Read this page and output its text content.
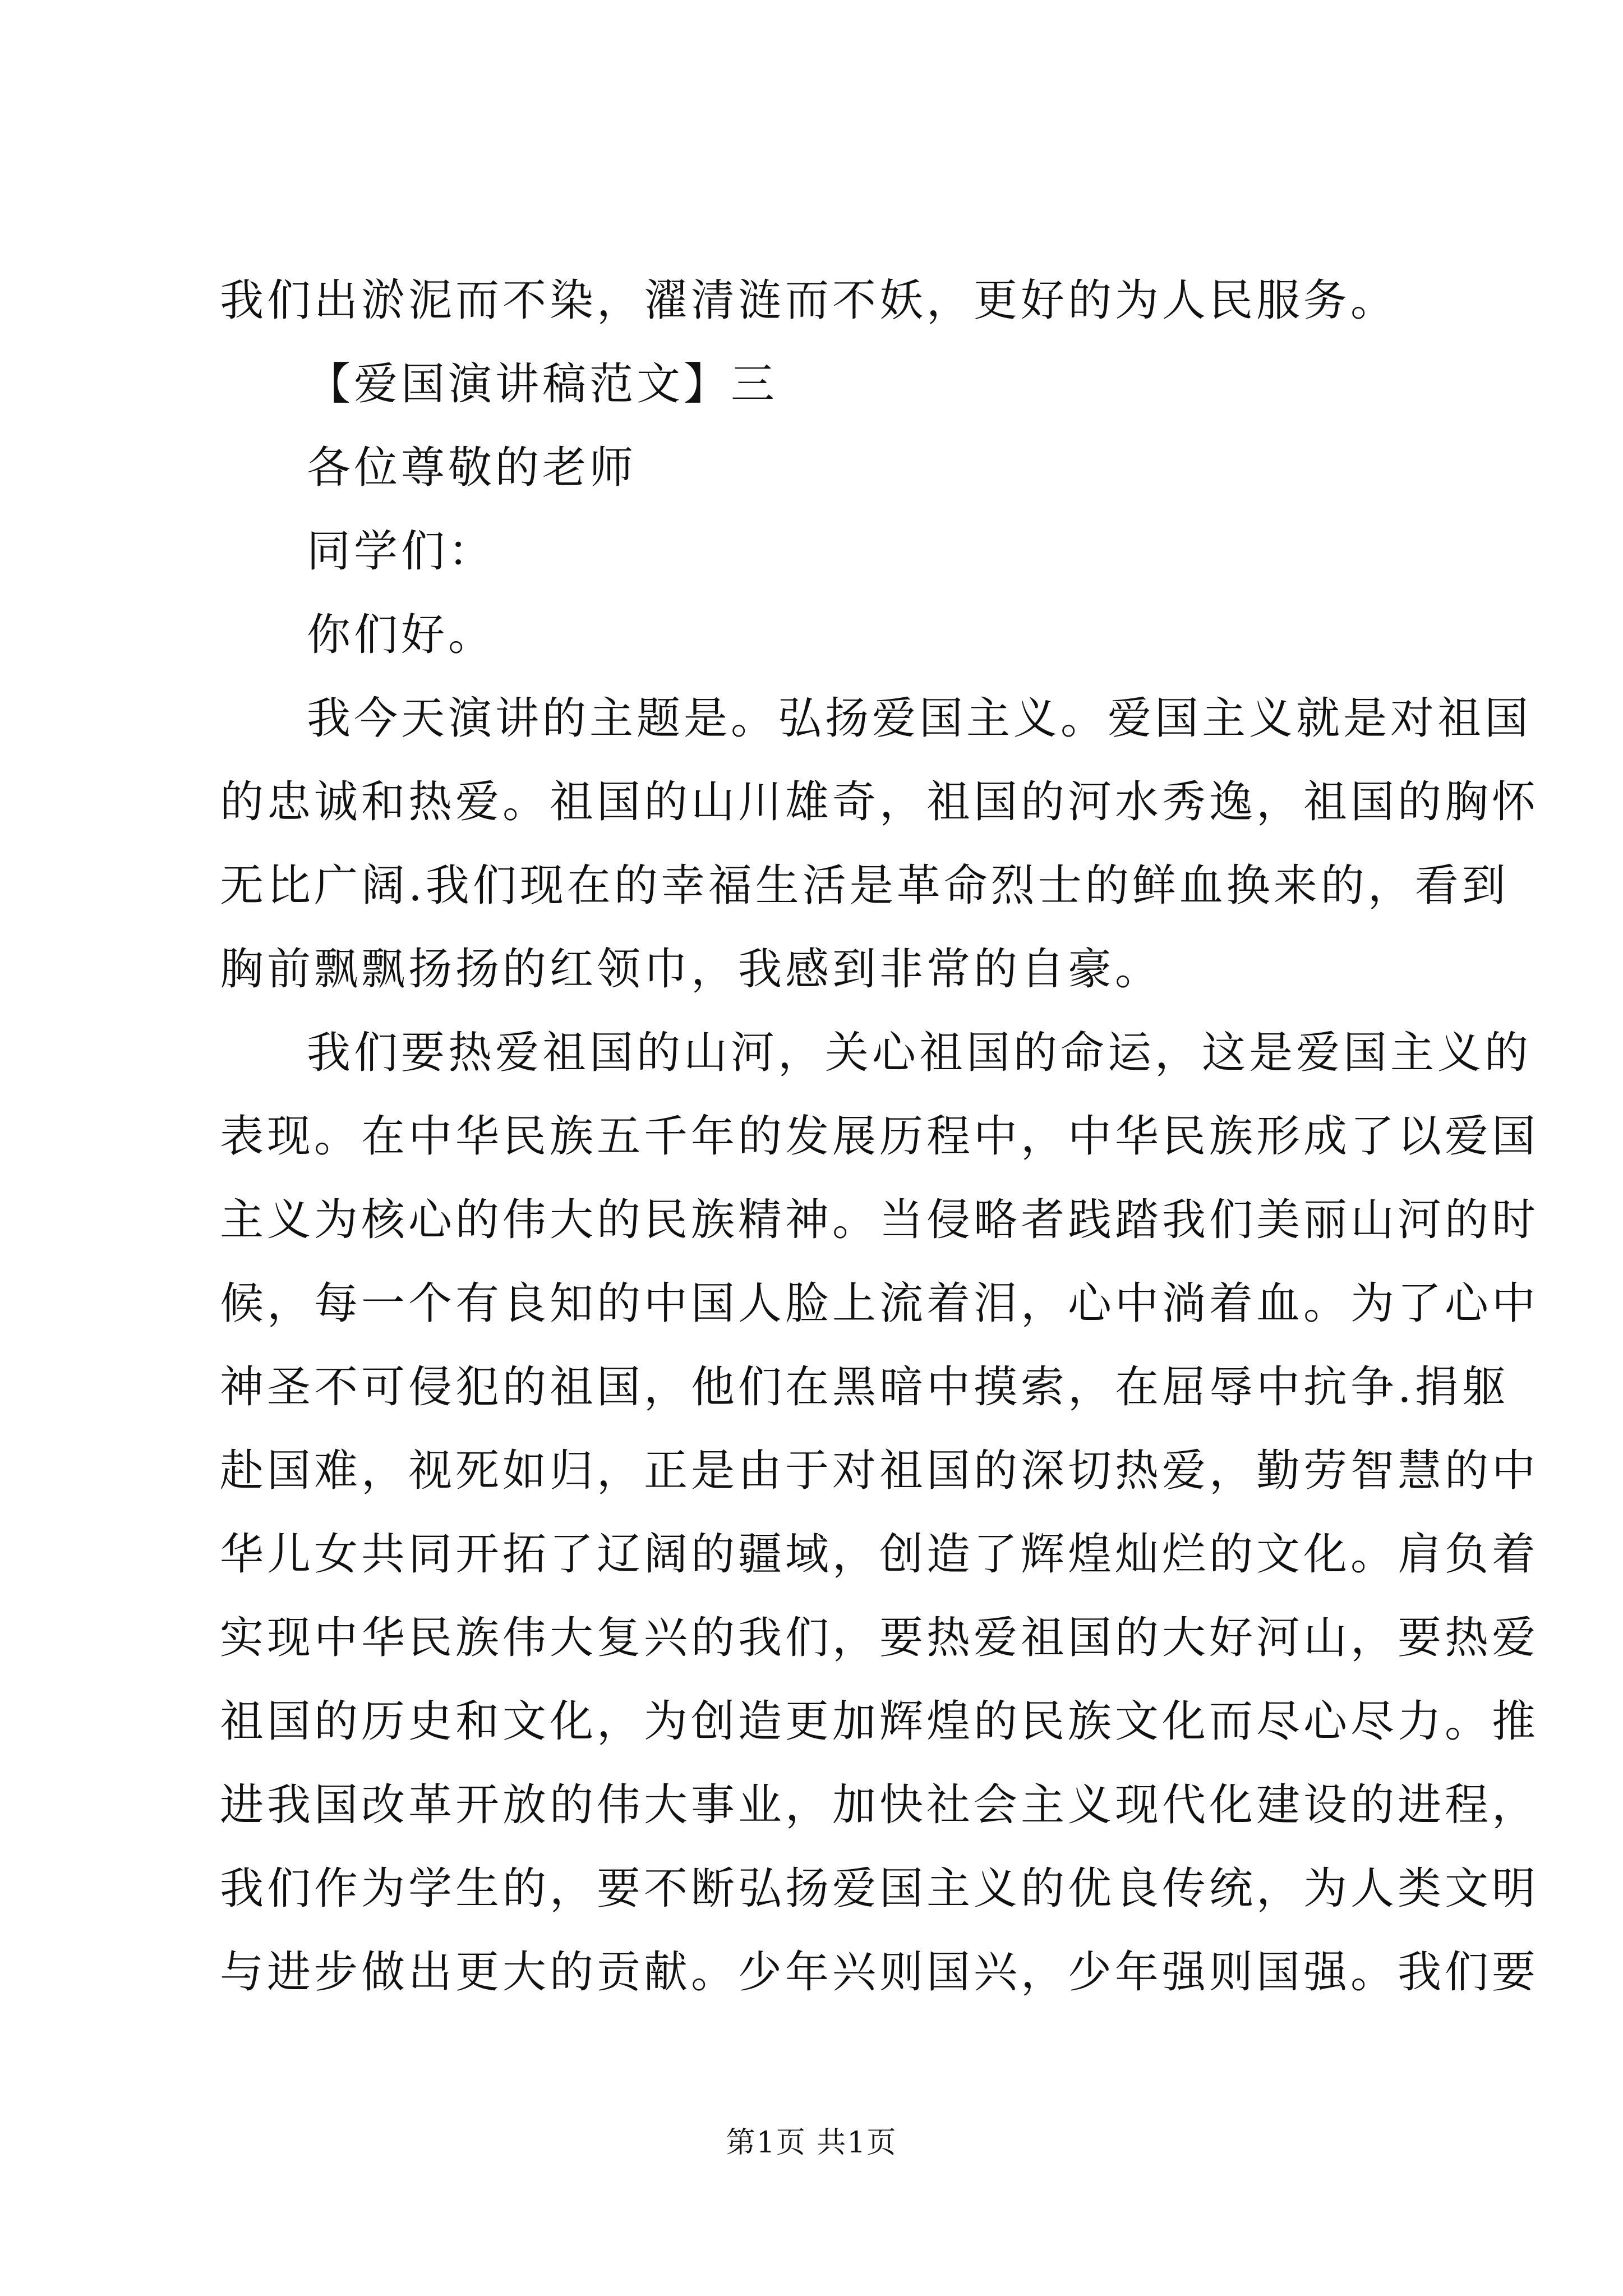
我们出淤泥而不染，濯清涟而不妖，更好的为人民服务。
【爱国演讲稿范文】三
各位尊敬的老师
同学们：
你们好。
我今天演讲的主题是。弘扬爱国主义。爱国主义就是对祖国
的忠诚和热爱。祖国的山川雄奇，祖国的河水秀逸，祖国的胸怀
无比广阔.我们现在的幸福生活是革命烈士的鲜血换来的，看到
胸前飘飘扬扬的红领巾，我感到非常的自豪。
我们要热爱祖国的山河，关心祖国的命运，这是爱国主义的
表现。在中华民族五千年的发展历程中，中华民族形成了以爱国
主义为核心的伟大的民族精神。当侵略者践踏我们美丽山河的时
候，每一个有良知的中国人脸上流着泪，心中淌着血。为了心中
神圣不可侵犯的祖国，他们在黑暗中摸索，在屈辱中抗争.捐躯
赴国难，视死如归，正是由于对祖国的深切热爱，勤劳智慧的中
华儿女共同开拓了辽阔的疆域，创造了辉煌灿烂的文化。肩负着
实现中华民族伟大复兴的我们，要热爱祖国的大好河山，要热爱
祖国的历史和文化，为创造更加辉煌的民族文化而尽心尽力。推
进我国改革开放的伟大事业，加快社会主义现代化建设的进程，
我们作为学生的，要不断弘扬爱国主义的优良传统，为人类文明
与进步做出更大的贡献。少年兴则国兴，少年强则国强。我们要
第1页 共1页
